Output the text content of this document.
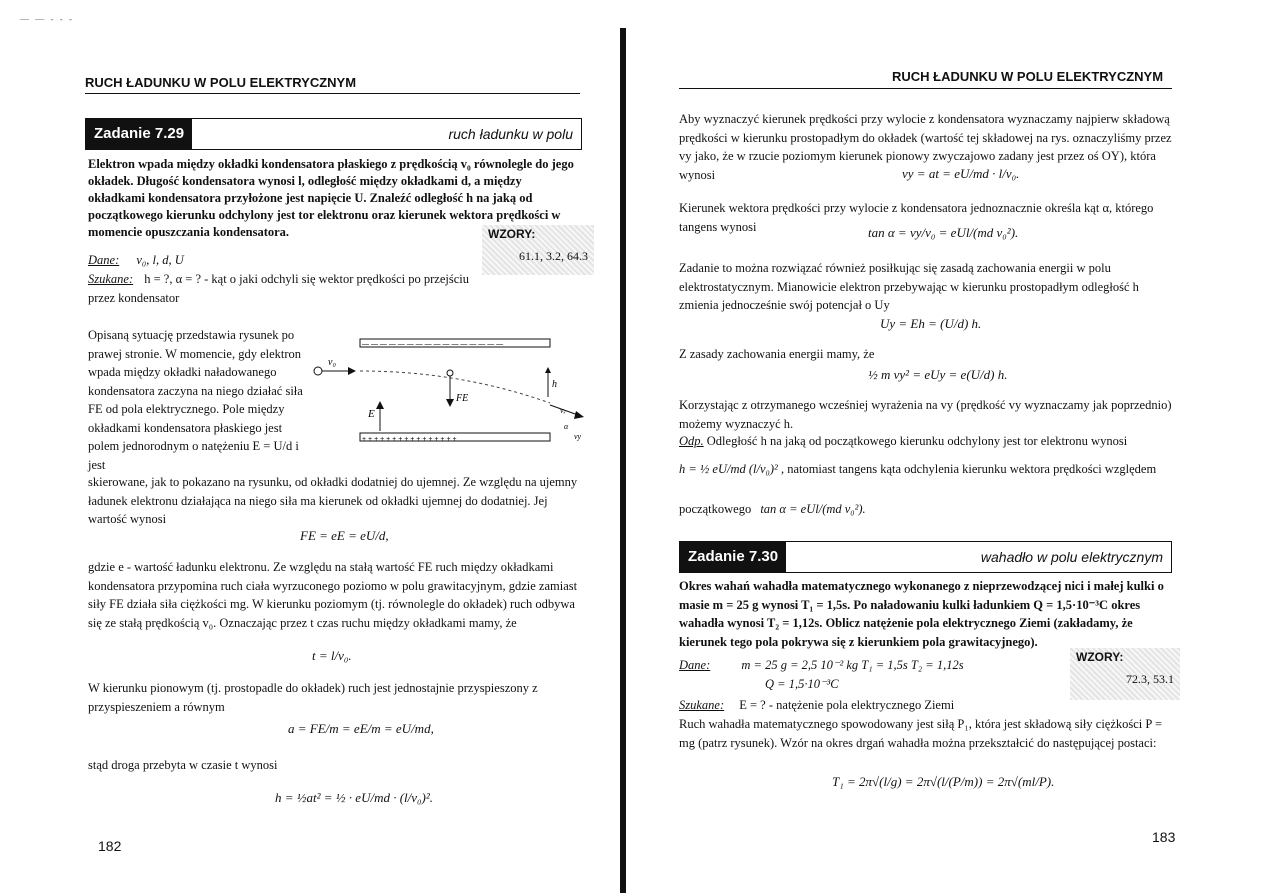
— — - - -
RUCH ŁADUNKU W POLU ELEKTRYCZNYM
Zadanie 7.29	ruch ładunku w polu
Elektron wpada między okładki kondensatora płaskiego z prędkością v₀ równolegle do jego okładek. Długość kondensatora wynosi l, odległość między okładkami d, a między okładkami kondensatora przyłożone jest napięcie U. Znaleźć odległość h na jaką od początkowego kierunku odchylony jest tor elektronu oraz kierunek wektora prędkości w momencie opuszczania kondensatora.	WZORY:
61.1, 3.2, 64.3
Dane: v₀, l, d, U
Szukane: h = ?, α = ? - kąt o jaki odchyli się wektor prędkości po przejściu przez kondensator
Opisaną sytuację przedstawia rysunek po prawej stronie. W momencie, gdy elektron wpada między okładki naładowanego kondensatora zaczyna na niego działać siła FE od pola elektrycznego. Pole między okładkami kondensatora płaskiego jest polem jednorodnym o natężeniu E = U/d i jest
— — — — — — — — — — — — — — — —
+ + + + + + + + + + + + + + + +
v₀
FE
E
h
vₓ
α
vy
skierowane, jak to pokazano na rysunku, od okładki dodatniej do ujemnej. Ze względu na ujemny ładunek elektronu działająca na niego siła ma kierunek od okładki ujemnej do dodatniej. Jej wartość wynosi
FE = eE = eU/d,
gdzie e - wartość ładunku elektronu. Ze względu na stałą wartość FE ruch między okładkami kondensatora przypomina ruch ciała wyrzuconego poziomo w polu grawitacyjnym, gdzie zamiast siły FE działa siła ciężkości mg. W kierunku poziomym (tj. równolegle do okładek) ruch odbywa się ze stałą prędkością v₀. Oznaczając przez t czas ruchu między okładkami mamy, że
t = l/v₀.
W kierunku pionowym (tj. prostopadle do okładek) ruch jest jednostajnie przyspieszony z przyspieszeniem a równym
a = FE/m = eE/m = eU/md,
stąd droga przebyta w czasie t wynosi
h = ½at² = ½ · eU/md · (l/v₀)².
182
RUCH ŁADUNKU W POLU ELEKTRYCZNYM
Aby wyznaczyć kierunek prędkości przy wylocie z kondensatora wyznaczamy najpierw składową prędkości w kierunku prostopadłym do okładek (wartość tej składowej na rys. oznaczyliśmy przez vy jako, że w rzucie poziomym kierunek pionowy zwyczajowo zadany jest przez oś OY), która wynosi	vy = at = eU/md · l/v₀.
Kierunek wektora prędkości przy wylocie z kondensatora jednoznacznie określa kąt α, którego tangens wynosi	tan α = vy/v₀ = eUl/(md v₀²).
Zadanie to można rozwiązać również posiłkując się zasadą zachowania energii w polu elektrostatycznym. Mianowicie elektron przebywając w kierunku prostopadłym odległość h zmienia jednocześnie swój potencjał o Uy
Uy = Eh = (U/d) h.
Z zasady zachowania energii mamy, że
½ m vy² = eUy = e(U/d) h.
Korzystając z otrzymanego wcześniej wyrażenia na vy (prędkość vy wyznaczamy jak poprzednio) możemy wyznaczyć h.
Odp. Odległość h na jaką od początkowego kierunku odchylony jest tor elektronu wynosi
h = ½ eU/md (l/v₀)² , natomiast tangens kąta odchylenia kierunku wektora prędkości względem
początkowego tan α = eUl/(md v₀²).
Zadanie 7.30	wahadło w polu elektrycznym
Okres wahań wahadła matematycznego wykonanego z nieprzewodzącej nici i małej kulki o masie m = 25 g wynosi T₁ = 1,5s. Po naładowaniu kulki ładunkiem Q = 1,5·10⁻³C okres wahadła wynosi T₂ = 1,12s. Oblicz natężenie pola elektrycznego Ziemi (zakładamy, że kierunek tego pola pokrywa się z kierunkiem pola grawitacyjnego).
Dane: m = 25 g = 2,5 10⁻² kg T₁ = 1,5s T₂ = 1,12s
Q = 1,5·10⁻³C
WZORY:
72.3, 53.1
Szukane: E = ? - natężenie pola elektrycznego Ziemi
Ruch wahadła matematycznego spowodowany jest siłą P₁, która jest składową siły ciężkości P = mg (patrz rysunek). Wzór na okres drgań wahadła można przekształcić do następującej postaci:
T₁ = 2π√(l/g) = 2π√(l/(P/m)) = 2π√(ml/P).
183
